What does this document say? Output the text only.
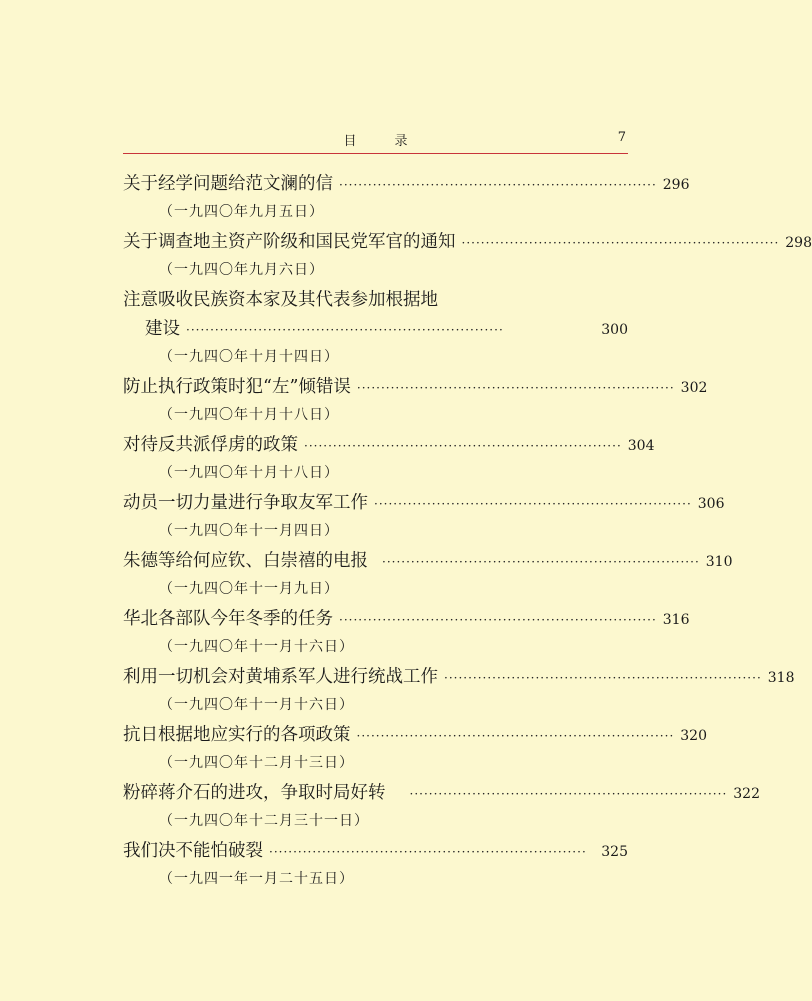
目录	7
关于经学问题给范文澜的信 ·································································· 296
（一九四〇年九月五日）
关于调查地主资产阶级和国民党军官的通知 ·································································· 298
（一九四〇年九月六日）
注意吸收民族资本家及其代表参加根据地
建设 ··································································	300
（一九四〇年十月十四日）
防止执行政策时犯“左”倾错误 ·································································· 302
（一九四〇年十月十八日）
对待反共派俘虏的政策 ·································································· 304
（一九四〇年十月十八日）
动员一切力量进行争取友军工作 ·································································· 306
（一九四〇年十一月四日）
朱德等给何应钦、白崇禧的电报 ·································································· 310
（一九四〇年十一月九日）
华北各部队今年冬季的任务 ·································································· 316
（一九四〇年十一月十六日）
利用一切机会对黄埔系军人进行统战工作 ·································································· 318
（一九四〇年十一月十六日）
抗日根据地应实行的各项政策 ·································································· 320
（一九四〇年十二月十三日）
粉碎蒋介石的进攻，争取时局好转 ·································································· 322
（一九四〇年十二月三十一日）
我们决不能怕破裂 ··································································	325
（一九四一年一月二十五日）
